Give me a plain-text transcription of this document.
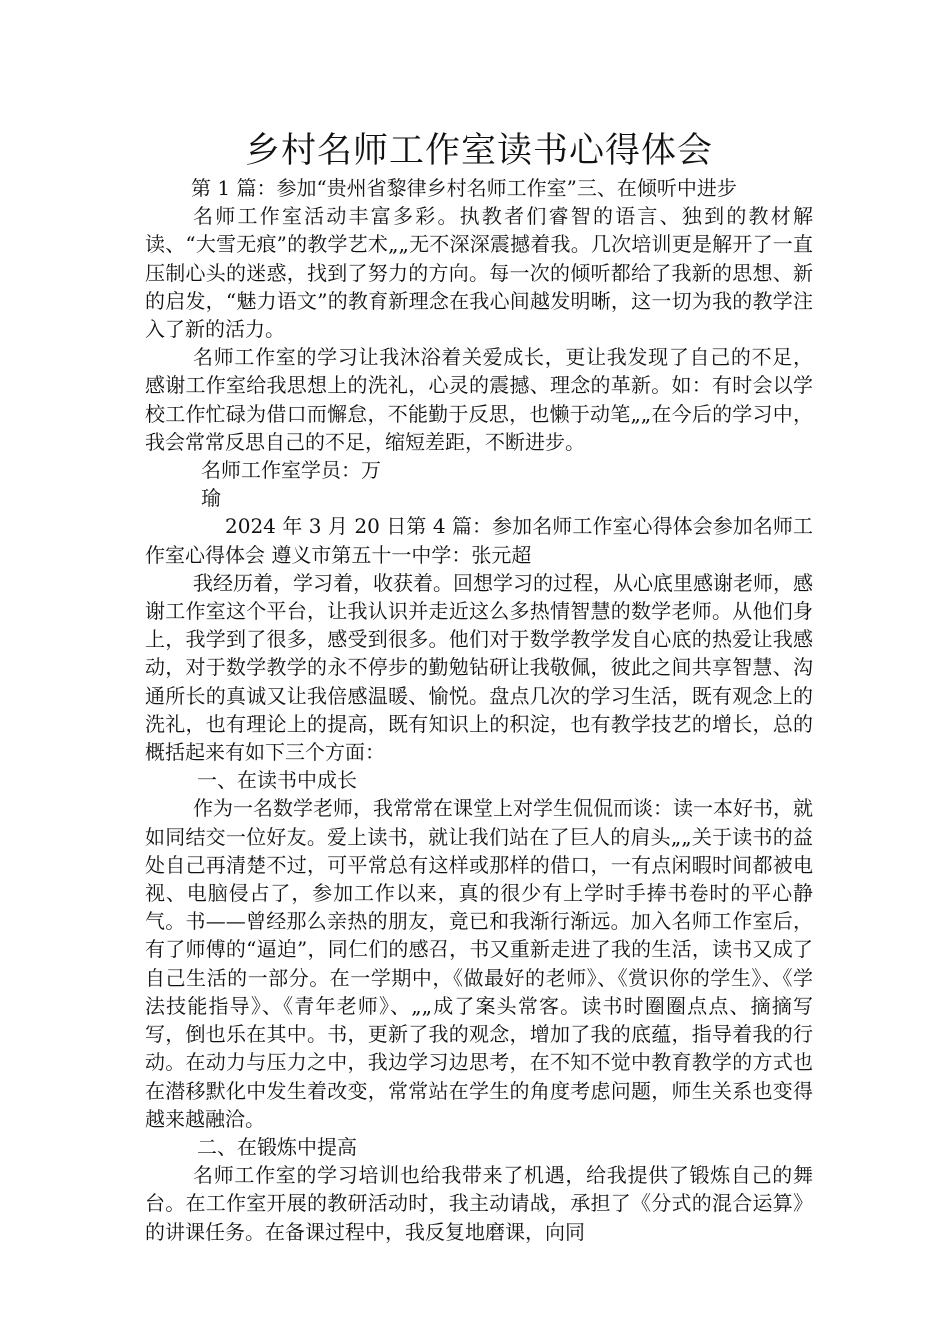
乡村名师工作室读书心得体会

第 1 篇：参加“贵州省黎律乡村名师工作室”三、在倾听中进步

名师工作室活动丰富多彩。执教者们睿智的语言、独到的教材解读、“大雪无痕”的教学艺术„„无不深深震撼着我。几次培训更是解开了一直压制心头的迷惑，找到了努力的方向。每一次的倾听都给了我新的思想、新的启发，“魅力语文”的教育新理念在我心间越发明晰，这一切为我的教学注入了新的活力。

名师工作室的学习让我沐浴着关爱成长，更让我发现了自己的不足， 感谢工作室给我思想上的洗礼，心灵的震撼、理念的革新。如：有时会以学校工作忙碌为借口而懈怠，不能勤于反思，也懒于动笔„„在今后的学习中，我会常常反思自己的不足，缩短差距，不断进步。

名师工作室学员：万

瑜

2024 年 3 月 20 日第 4 篇：参加名师工作室心得体会参加名师工作室心得体会 遵义市第五十一中学：张元超

我经历着，学习着，收获着。回想学习的过程，从心底里感谢老师，感谢工作室这个平台，让我认识并走近这么多热情智慧的数学老师。从他们身上，我学到了很多，感受到很多。他们对于数学教学发自心底的热爱让我感动，对于数学教学的永不停步的勤勉钻研让我敬佩，彼此之间共享智慧、沟通所长的真诚又让我倍感温暖、愉悦。盘点几次的学习生活，既有观念上的洗礼，也有理论上的提高，既有知识上的积淀，也有教学技艺的增长，总的概括起来有如下三个方面：

一、在读书中成长

作为一名数学老师，我常常在课堂上对学生侃侃而谈：读一本好书，就如同结交一位好友。爱上读书，就让我们站在了巨人的肩头„„关于读书的益处自己再清楚不过，可平常总有这样或那样的借口，一有点闲暇时间都被电视、电脑侵占了，参加工作以来，真的很少有上学时手捧书卷时的平心静气。书——曾经那么亲热的朋友，竟已和我渐行渐远。加入名师工作室后，有了师傅的“逼迫”，同仁们的感召，书又重新走进了我的生活，读书又成了自己生活的一部分。在一学期中，《做最好的老师》、《赏识你的学生》、《学法技能指导》、《青年老师》、„„成了案头常客。读书时圈圈点点、摘摘写写，倒也乐在其中。书，更新了我的观念，增加了我的底蕴，指导着我的行动。在动力与压力之中，我边学习边思考，在不知不觉中教育教学的方式也在潜移默化中发生着改变，常常站在学生的角度考虑问题，师生关系也变得越来越融洽。

二、在锻炼中提高

名师工作室的学习培训也给我带来了机遇，给我提供了锻炼自己的舞台。在工作室开展的教研活动时，我主动请战，承担了《分式的混合运算》的讲课任务。在备课过程中，我反复地磨课，向同
